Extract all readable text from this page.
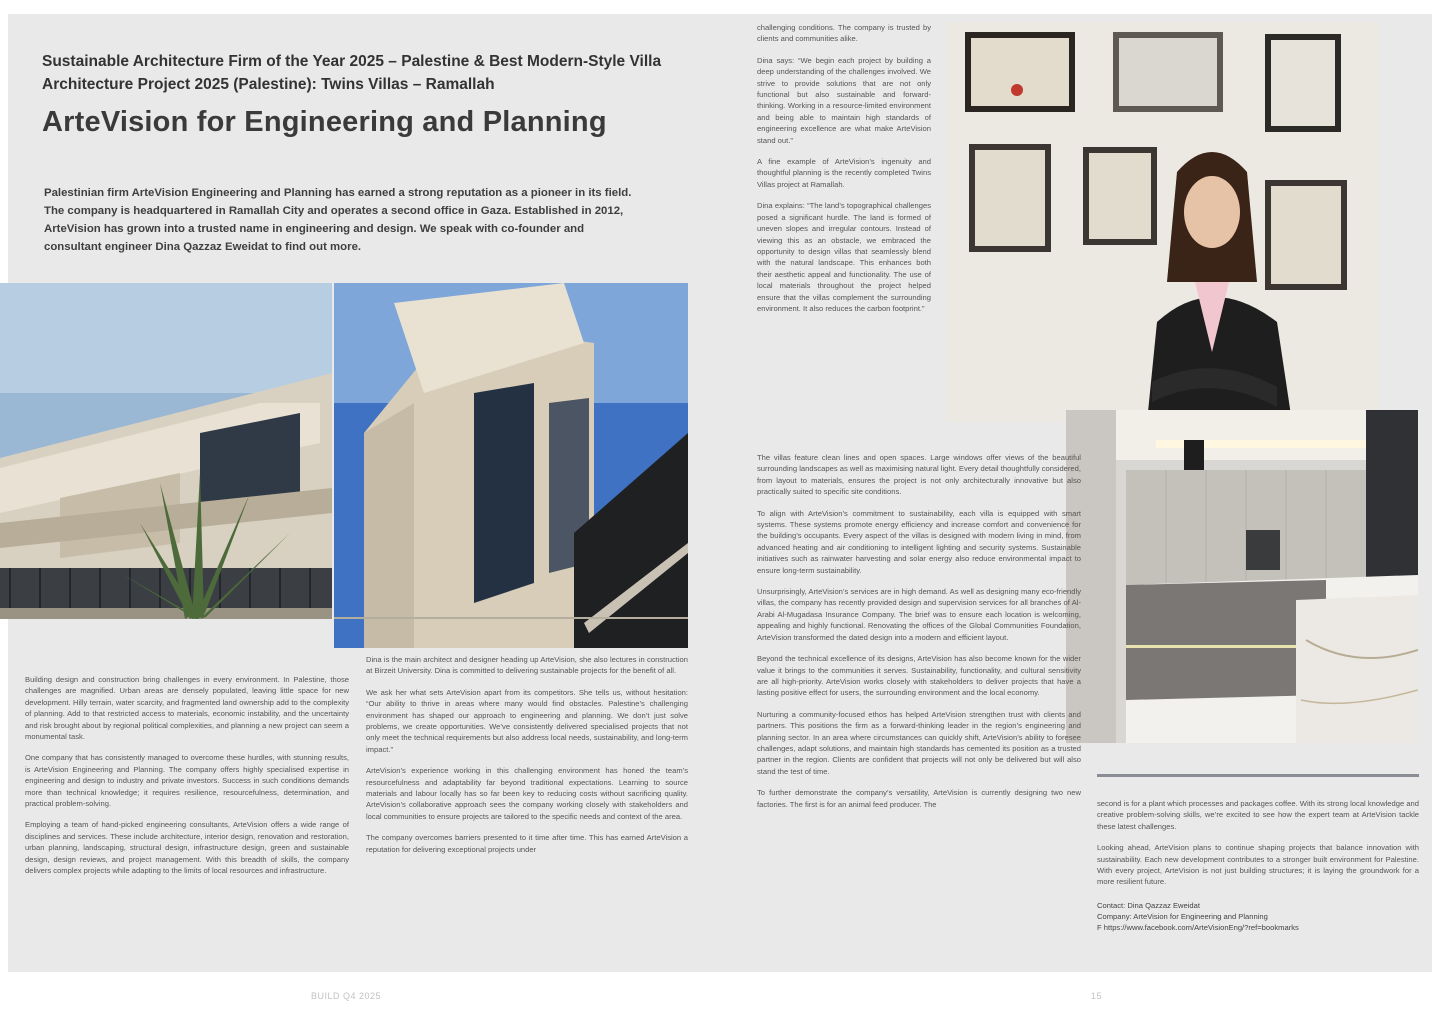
Sustainable Architecture Firm of the Year 2025 – Palestine & Best Modern-Style Villa Architecture Project 2025 (Palestine): Twins Villas – Ramallah
ArteVision for Engineering and Planning

Palestinian firm ArteVision Engineering and Planning has earned a strong reputation as a pioneer in its field. The company is headquartered in Ramallah City and operates a second office in Gaza. Established in 2012, ArteVision has grown into a trusted name in engineering and design. We speak with co-founder and consultant engineer Dina Qazzaz Eweidat to find out more.

Building design and construction bring challenges in every environment. In Palestine, those challenges are magnified. Urban areas are densely populated, leaving little space for new development. Hilly terrain, water scarcity, and fragmented land ownership add to the complexity of planning. Add to that restricted access to materials, economic instability, and the uncertainty and risk brought about by regional political complexities, and planning a new project can seem a monumental task.

One company that has consistently managed to overcome these hurdles, with stunning results, is ArteVision Engineering and Planning. The company offers highly specialised expertise in engineering and design to industry and private investors. Success in such conditions demands more than technical knowledge; it requires resilience, resourcefulness, determination, and practical problem-solving.

Employing a team of hand-picked engineering consultants, ArteVision offers a wide range of disciplines and services. These include architecture, interior design, renovation and restoration, urban planning, landscaping, structural design, infrastructure design, green and sustainable design, design reviews, and project management. With this breadth of skills, the company delivers complex projects while adapting to the limits of local resources and infrastructure.

Dina is the main architect and designer heading up ArteVision, she also lectures in construction at Birzeit University. Dina is committed to delivering sustainable projects for the benefit of all.

We ask her what sets ArteVision apart from its competitors. She tells us, without hesitation: “Our ability to thrive in areas where many would find obstacles. Palestine’s challenging environment has shaped our approach to engineering and planning. We don’t just solve problems, we create opportunities. We’ve consistently delivered specialised projects that not only meet the technical requirements but also address local needs, sustainability, and long-term impact.”

ArteVision’s experience working in this challenging environment has honed the team’s resourcefulness and adaptability far beyond traditional expectations. Learning to source materials and labour locally has so far been key to reducing costs without sacrificing quality. ArteVision’s collaborative approach sees the company working closely with stakeholders and local communities to ensure projects are tailored to the specific needs and context of the area.

The company overcomes barriers presented to it time after time. This has earned ArteVision a reputation for delivering exceptional projects under

challenging conditions. The company is trusted by clients and communities alike.

Dina says: “We begin each project by building a deep understanding of the challenges involved. We strive to provide solutions that are not only functional but also sustainable and forward-thinking. Working in a resource-limited environment and being able to maintain high standards of engineering excellence are what make ArteVision stand out.”

A fine example of ArteVision’s ingenuity and thoughtful planning is the recently completed Twins Villas project at Ramallah.

Dina explains: “The land’s topographical challenges posed a significant hurdle. The land is formed of uneven slopes and irregular contours. Instead of viewing this as an obstacle, we embraced the opportunity to design villas that seamlessly blend with the natural landscape. This enhances both their aesthetic appeal and functionality. The use of local materials throughout the project helped ensure that the villas complement the surrounding environment. It also reduces the carbon footprint.”

The villas feature clean lines and open spaces. Large windows offer views of the beautiful surrounding landscapes as well as maximising natural light. Every detail thoughtfully considered, from layout to materials, ensures the project is not only architecturally innovative but also practically suited to specific site conditions.

To align with ArteVision’s commitment to sustainability, each villa is equipped with smart systems. These systems promote energy efficiency and increase comfort and convenience for the building’s occupants. Every aspect of the villas is designed with modern living in mind, from advanced heating and air conditioning to intelligent lighting and security systems. Sustainable initiatives such as rainwater harvesting and solar energy also reduce environmental impact to ensure long-term sustainability.

Unsurprisingly, ArteVision’s services are in high demand. As well as designing many eco-friendly villas, the company has recently provided design and supervision services for all branches of Al-Arabi Al-Mugadasa Insurance Company. The brief was to ensure each location is welcoming, appealing and highly functional. Renovating the offices of the Global Communities Foundation, ArteVision transformed the dated design into a modern and efficient layout.

Beyond the technical excellence of its designs, ArteVision has also become known for the wider value it brings to the communities it serves. Sustainability, functionality, and cultural sensitivity are all high-priority. ArteVision works closely with stakeholders to deliver projects that have a lasting positive effect for users, the surrounding environment and the local economy.

Nurturing a community-focused ethos has helped ArteVision strengthen trust with clients and partners. This positions the firm as a forward-thinking leader in the region’s engineering and planning sector. In an area where circumstances can quickly shift, ArteVision’s ability to foresee challenges, adapt solutions, and maintain high standards has cemented its position as a trusted partner in the region. Clients are confident that projects will not only be delivered but will also stand the test of time.

To further demonstrate the company’s versatility, ArteVision is currently designing two new factories. The first is for an animal feed producer. The	second is for a plant which processes and packages coffee. With its strong local knowledge and creative problem-solving skills, we’re excited to see how the expert team at ArteVision tackle these latest challenges.

Looking ahead, ArteVision plans to continue shaping projects that balance innovation with sustainability. Each new development contributes to a stronger built environment for Palestine. With every project, ArteVision is not just building structures; it is laying the groundwork for a more resilient future.

Contact: Dina Qazzaz Eweidat
Company: ArteVision for Engineering and Planning
F https://www.facebook.com/ArteVisionEng/?ref=bookmarks
BUILD Q4 2025	15
